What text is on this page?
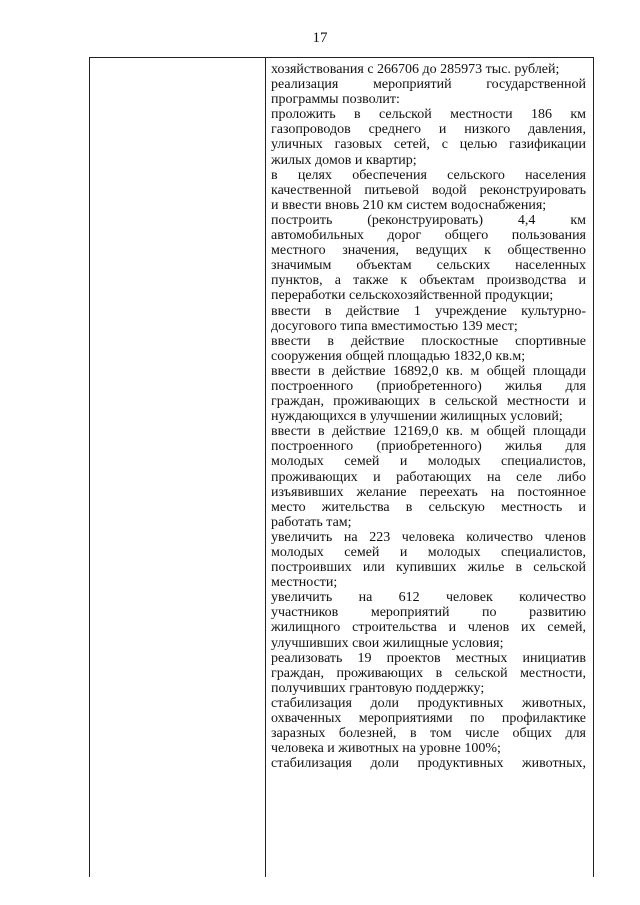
17
хозяйствования с 266706 до 285973 тыс. рублей;
реализация мероприятий государственной
программы позволит:
проложить в сельской местности 186 км
газопроводов среднего и низкого давления,
уличных газовых сетей, с целью газификации
жилых домов и квартир;
в целях обеспечения сельского населения
качественной питьевой водой реконструировать
и ввести вновь 210 км систем водоснабжения;
построить (реконструировать) 4,4 км
автомобильных дорог общего пользования
местного значения, ведущих к общественно
значимым объектам сельских населенных
пунктов, а также к объектам производства и
переработки сельскохозяйственной продукции;
ввести в действие 1 учреждение культурно-
досугового типа вместимостью 139 мест;
ввести в действие плоскостные спортивные
сооружения общей площадью 1832,0 кв.м;
ввести в действие 16892,0 кв. м общей площади
построенного (приобретенного) жилья для
граждан, проживающих в сельской местности и
нуждающихся в улучшении жилищных условий;
ввести в действие 12169,0 кв. м общей площади
построенного (приобретенного) жилья для
молодых семей и молодых специалистов,
проживающих и работающих на селе либо
изъявивших желание переехать на постоянное
место жительства в сельскую местность и
работать там;
увеличить на 223 человека количество членов
молодых семей и молодых специалистов,
построивших или купивших жилье в сельской
местности;
увеличить на 612 человек количество
участников мероприятий по развитию
жилищного строительства и членов их семей,
улучшивших свои жилищные условия;
реализовать 19 проектов местных инициатив
граждан, проживающих в сельской местности,
получивших грантовую поддержку;
стабилизация доли продуктивных животных,
охваченных мероприятиями по профилактике
заразных болезней, в том числе общих для
человека и животных на уровне 100%;
стабилизация доли продуктивных животных,
